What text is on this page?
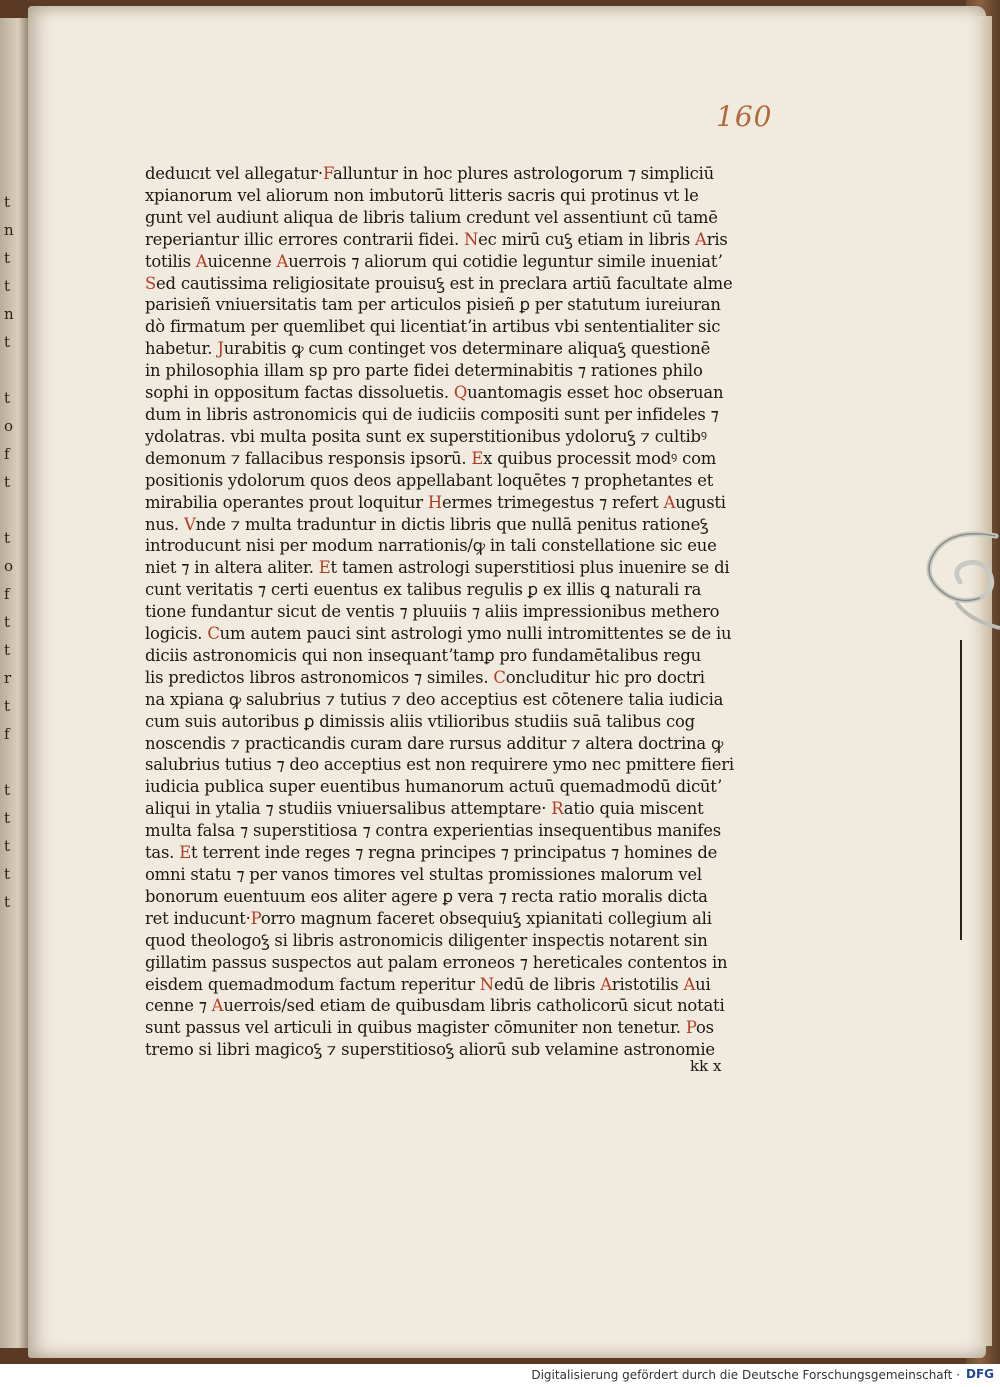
t
n
t
t
n
t

t
o
f
t

t
o
f
t
t
r
t
f

t
t
t
t
t
160
deduıcıt vel allegatur·Falluntur in hoc plures astrologorum ⁊ simpliciū
xpianorum vel aliorum non imbutorū litteris sacris qui protinus vt le
gunt vel audiunt aliqua de libris talium credunt vel assentiunt cū tamē
reperiantur illic errores contrarii fidei. Nec mirū cuꝣ etiam in libris Aris
totilis Auicenne Auerrois ⁊ aliorum qui cotidie leguntur simile inueniatʼ
Sed cautissima religiositate prouisuꝣ est in preclara artiū facultate alme
parisieñ vniuersitatis tam per articulos pisieñ ꝑ per statutum iureiuran
dò firmatum per quemlibet qui licentiatʼin artibus vbi sententialiter sic
habetur. Jurabitis ꝙ cum continget vos determinare aliquaꝣ questionē
in philosophia illam sp pro parte fidei determinabitis ⁊ rationes philo
sophi in oppositum factas dissoluetis. Quantomagis esset hoc obseruan
dum in libris astronomicis qui de iudiciis compositi sunt per infideles ⁊
ydolatras. vbi multa posita sunt ex superstitionibus ydoloruꝣ ⁊ cultibꝰ
demonum ⁊ fallacibus responsis ipsorū. Ex quibus processit modꝰ com
positionis ydolorum quos deos appellabant loquētes ⁊ prophetantes et
mirabilia operantes prout loquitur Hermes trimegestus ⁊ refert Augusti
nus. Vnde ⁊ multa traduntur in dictis libris que nullā penitus rationeꝣ
introducunt nisi per modum narrationis/ꝙ in tali constellatione sic eue
niet ⁊ in altera aliter. Et tamen astrologi superstitiosi plus inuenire se di
cunt veritatis ⁊ certi euentus ex talibus regulis ꝑ ex illis ꝗ naturali ra
tione fundantur sicut de ventis ⁊ pluuiis ⁊ aliis impressionibus methero
logicis. Cum autem pauci sint astrologi ymo nulli intromittentes se de iu
diciis astronomicis qui non insequantʼtamꝑ pro fundamētalibus regu
lis predictos libros astronomicos ⁊ similes. Concluditur hic pro doctri
na xpiana ꝙ salubrius ⁊ tutius ⁊ deo acceptius est cōtenere talia iudicia
cum suis autoribus ꝑ dimissis aliis vtilioribus studiis suā talibus cog
noscendis ⁊ practicandis curam dare rursus additur ⁊ altera doctrina ꝙ
salubrius tutius ⁊ deo acceptius est non requirere ymo nec pmittere fieri
iudicia publica super euentibus humanorum actuū quemadmodū dicūtʼ
aliqui in ytalia ⁊ studiis vniuersalibus attemptare· Ratio quia miscent
multa falsa ⁊ superstitiosa ⁊ contra experientias insequentibus manifes
tas. Et terrent inde reges ⁊ regna principes ⁊ principatus ⁊ homines de
omni statu ⁊ per vanos timores vel stultas promissiones malorum vel
bonorum euentuum eos aliter agere ꝑ vera ⁊ recta ratio moralis dicta
ret inducunt·Porro magnum faceret obsequiuꝣ xpianitati collegium ali
quod theologoꝣ si libris astronomicis diligenter inspectis notarent sin
gillatim passus suspectos aut palam erroneos ⁊ hereticales contentos in
eisdem quemadmodum factum reperitur Nedū de libris Aristotilis Aui
cenne ⁊ Auerrois/sed etiam de quibusdam libris catholicorū sicut notati
sunt passus vel articuli in quibus magister cōmuniter non tenetur. Pos
tremo si libri magicoꝣ ⁊ superstitiosoꝣ aliorū sub velamine astronomie
kk x
Digitalisierung gefördert durch die Deutsche Forschungsgemeinschaft · DFG
